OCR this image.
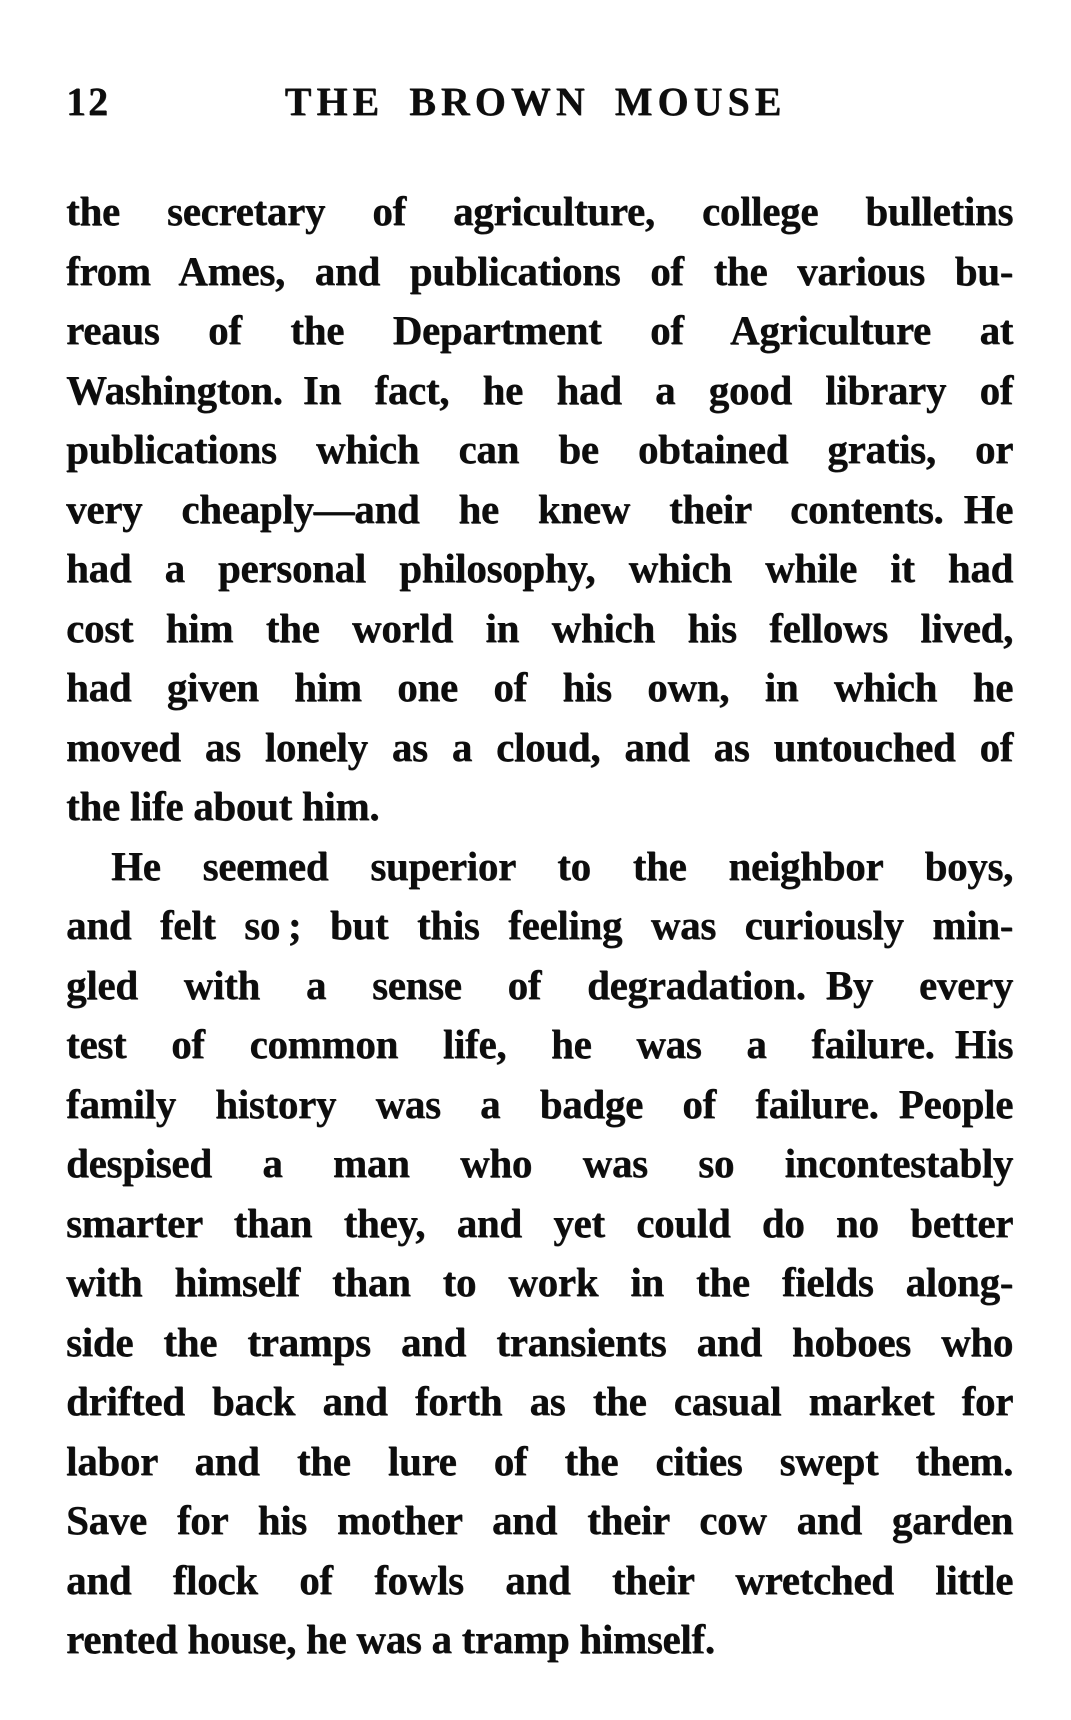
12	THE BROWN MOUSE
the secretary of agriculture, college bulletins
from Ames, and publications of the various bu-
reaus of the Department of Agriculture at
Washington. In fact, he had a good library of
publications which can be obtained gratis, or
very cheaply—and he knew their contents. He
had a personal philosophy, which while it had
cost him the world in which his fellows lived,
had given him one of his own, in which he
moved as lonely as a cloud, and as untouched of
the life about him.
He seemed superior to the neighbor boys,
and felt so ; but this feeling was curiously min-
gled with a sense of degradation. By every
test of common life, he was a failure. His
family history was a badge of failure. People
despised a man who was so incontestably
smarter than they, and yet could do no better
with himself than to work in the fields along-
side the tramps and transients and hoboes who
drifted back and forth as the casual market for
labor and the lure of the cities swept them.
Save for his mother and their cow and garden
and flock of fowls and their wretched little
rented house, he was a tramp himself.
